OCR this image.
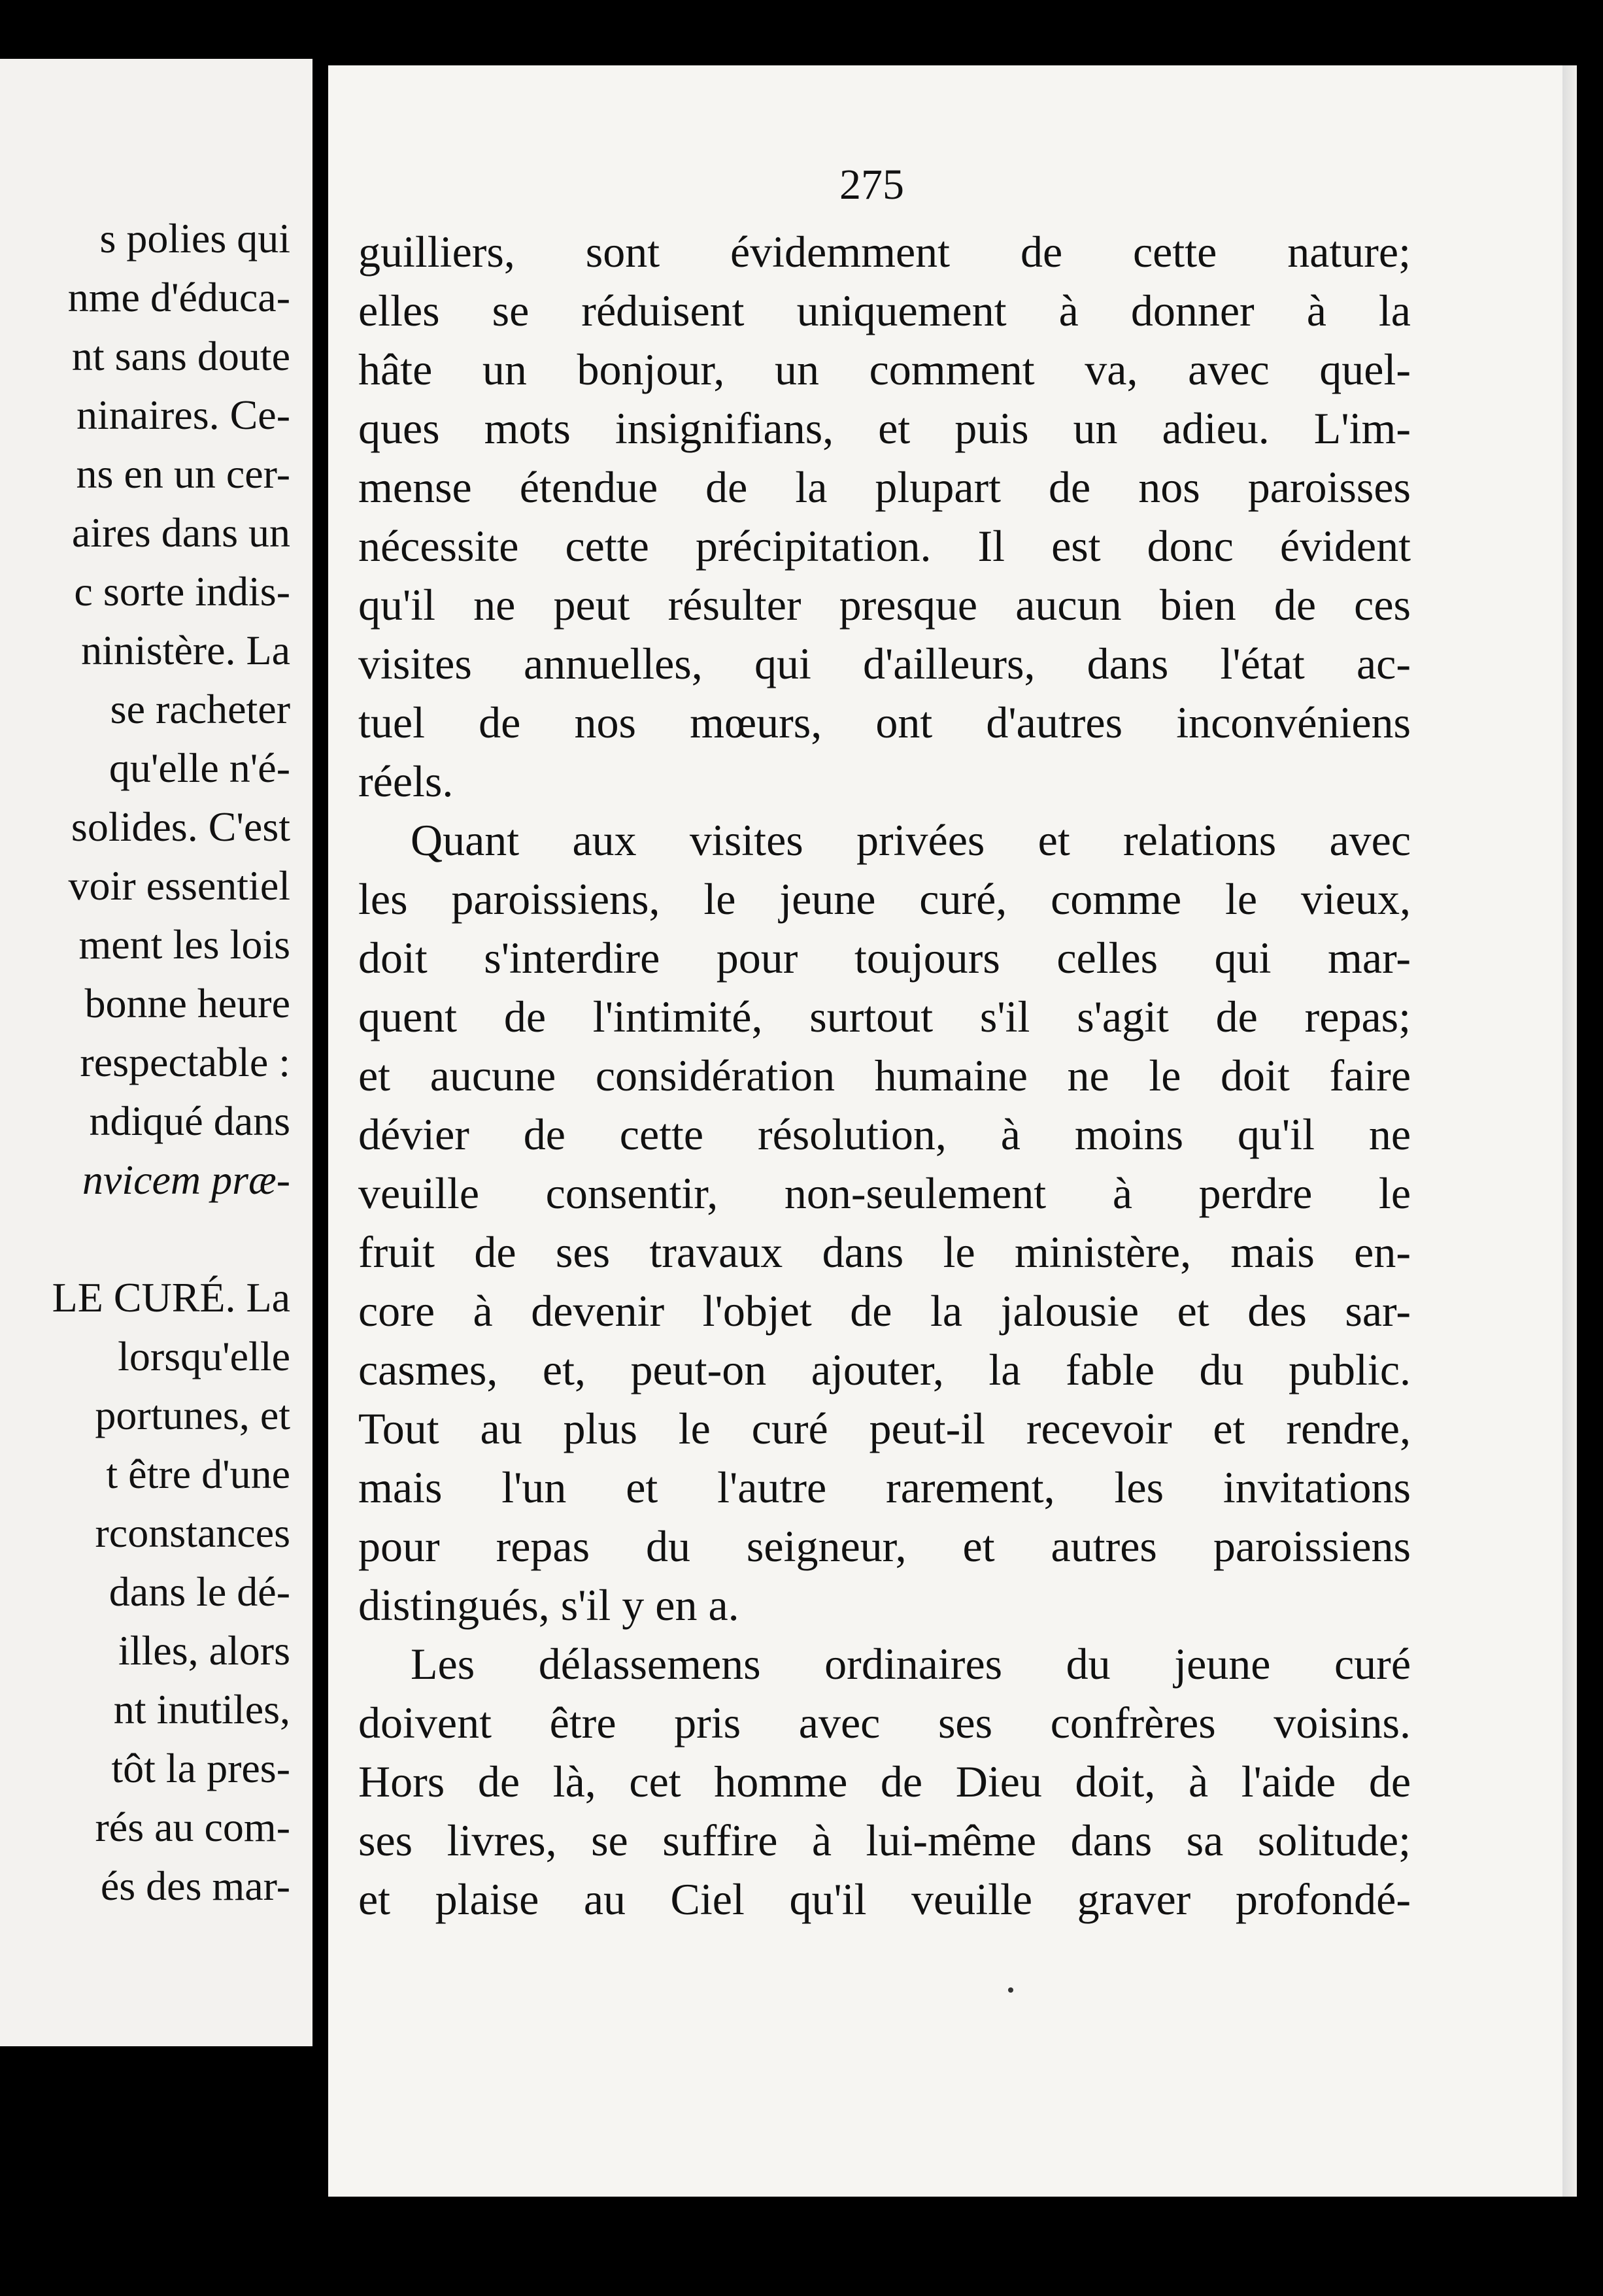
s polies qui
nme d'éduca-
nt sans doute
ninaires. Ce-
ns en un cer-
aires dans un
c sorte indis-
ninistère. La
se racheter
qu'elle n'é-
solides. C'est
voir essentiel
ment les lois
bonne heure
respectable :
ndiqué dans
nvicem præ-
LE CURÉ. La
lorsqu'elle
portunes, et
t être d'une
rconstances
dans le dé-
illes, alors
nt inutiles,
tôt la pres-
rés au com-
és des mar-
275
guilliers, sont évidemment de cette nature;
elles se réduisent uniquement à donner à la
hâte un bonjour, un comment va, avec quel-
ques mots insignifians, et puis un adieu. L'im-
mense étendue de la plupart de nos paroisses
nécessite cette précipitation. Il est donc évident
qu'il ne peut résulter presque aucun bien de ces
visites annuelles, qui d'ailleurs, dans l'état ac-
tuel de nos mœurs, ont d'autres inconvéniens
réels.
Quant aux visites privées et relations avec
les paroissiens, le jeune curé, comme le vieux,
doit s'interdire pour toujours celles qui mar-
quent de l'intimité, surtout s'il s'agit de repas;
et aucune considération humaine ne le doit faire
dévier de cette résolution, à moins qu'il ne
veuille consentir, non-seulement à perdre le
fruit de ses travaux dans le ministère, mais en-
core à devenir l'objet de la jalousie et des sar-
casmes, et, peut-on ajouter, la fable du public.
Tout au plus le curé peut-il recevoir et rendre,
mais l'un et l'autre rarement, les invitations
pour repas du seigneur, et autres paroissiens
distingués, s'il y en a.
Les délassemens ordinaires du jeune curé
doivent être pris avec ses confrères voisins.
Hors de là, cet homme de Dieu doit, à l'aide de
ses livres, se suffire à lui-même dans sa solitude;
et plaise au Ciel qu'il veuille graver profondé-
